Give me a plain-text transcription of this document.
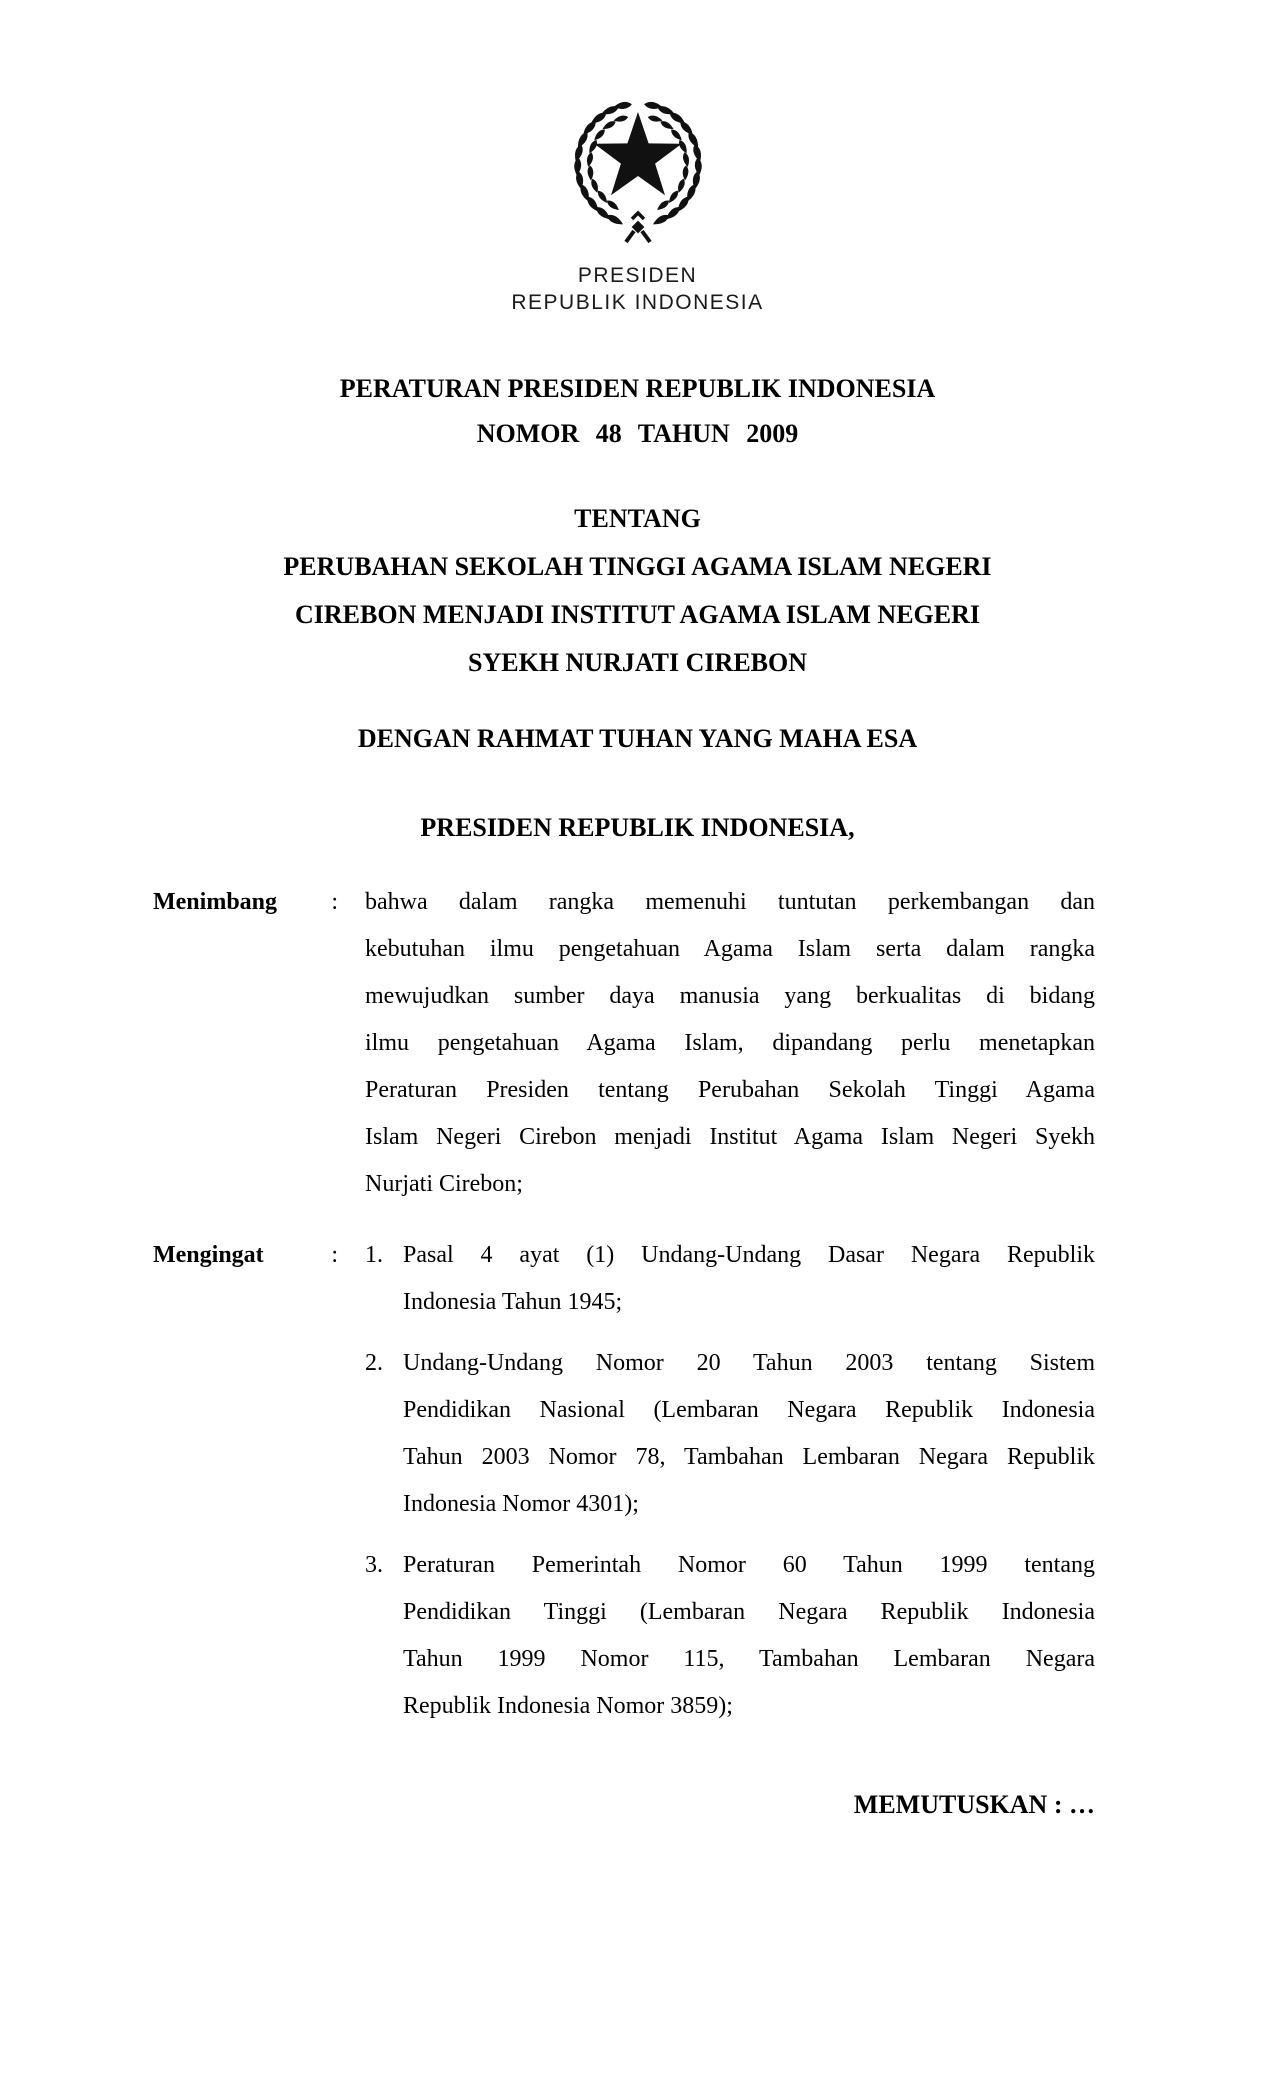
PRESIDEN
REPUBLIK INDONESIA
PERATURAN PRESIDEN REPUBLIK INDONESIA
NOMOR 48 TAHUN 2009
TENTANG
PERUBAHAN SEKOLAH TINGGI AGAMA ISLAM NEGERI
CIREBON MENJADI INSTITUT AGAMA ISLAM NEGERI
SYEKH NURJATI CIREBON
DENGAN RAHMAT TUHAN YANG MAHA ESA
PRESIDEN REPUBLIK INDONESIA,
Menimbang : bahwa dalam rangka memenuhi tuntutan perkembangan dan
kebutuhan ilmu pengetahuan Agama Islam serta dalam rangka
mewujudkan sumber daya manusia yang berkualitas di bidang
ilmu pengetahuan Agama Islam, dipandang perlu menetapkan
Peraturan Presiden tentang Perubahan Sekolah Tinggi Agama
Islam Negeri Cirebon menjadi Institut Agama Islam Negeri Syekh
Nurjati Cirebon;
Mengingat	: 1. Pasal 4 ayat (1) Undang-Undang Dasar Negara Republik
Indonesia Tahun 1945;
2. Undang-Undang Nomor 20 Tahun 2003 tentang Sistem
Pendidikan Nasional (Lembaran Negara Republik Indonesia
Tahun 2003 Nomor 78, Tambahan Lembaran Negara Republik
Indonesia Nomor 4301);
3. Peraturan Pemerintah Nomor 60 Tahun 1999 tentang
Pendidikan Tinggi (Lembaran Negara Republik Indonesia
Tahun 1999 Nomor 115, Tambahan Lembaran Negara
Republik Indonesia Nomor 3859);
MEMUTUSKAN : …
